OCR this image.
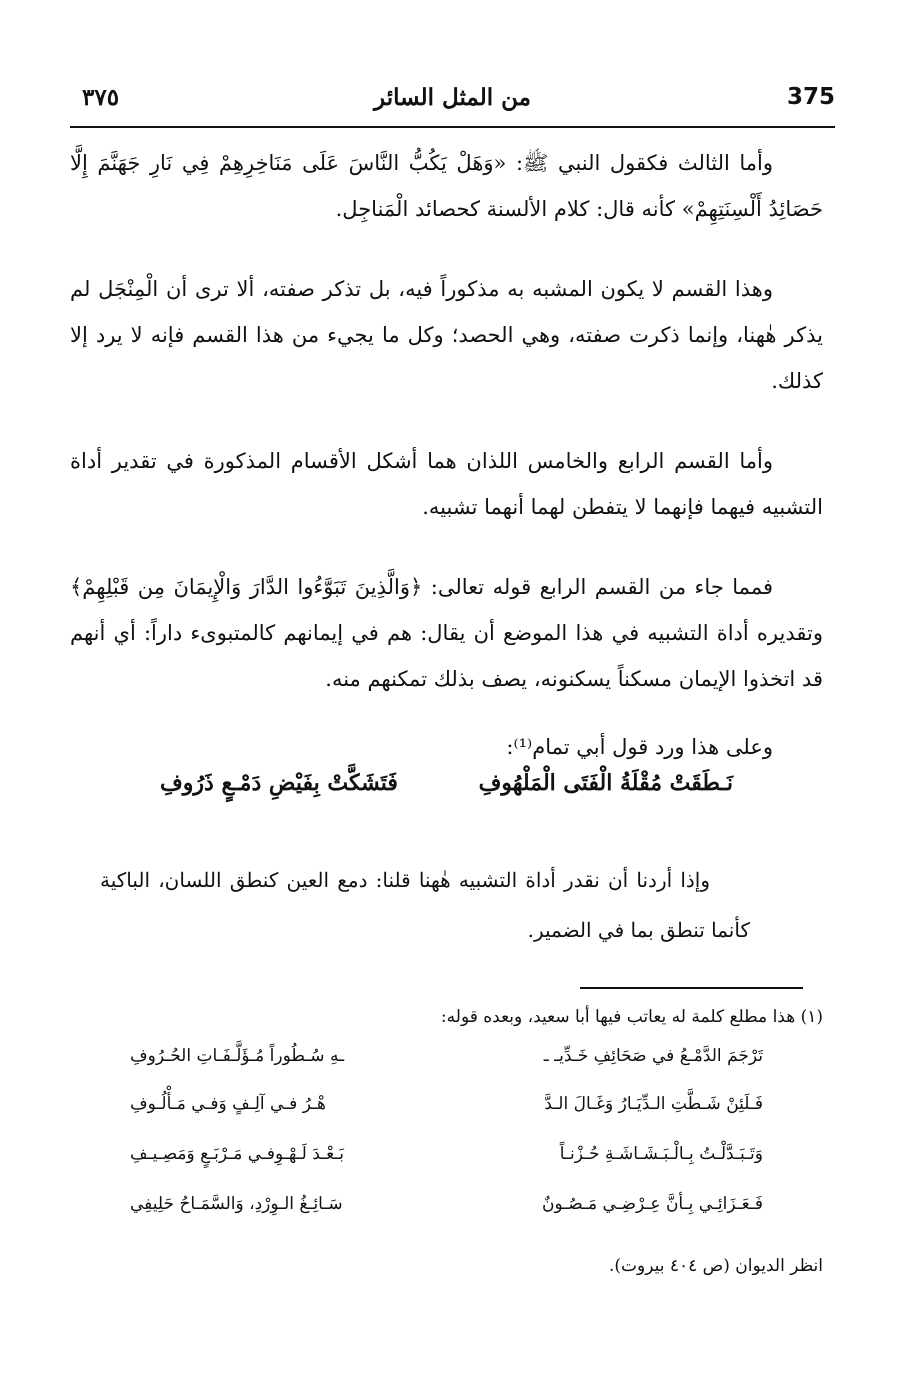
375
من المثل السائر
٣٧٥

وأما الثالث فكقول النبي ﷺ: «وَهَلْ يَكُبُّ النَّاسَ عَلَى مَنَاخِرِهِمْ فِي نَارِ جَهَنَّمَ إِلَّا حَصَائِدُ أَلْسِنَتِهِمْ» كأنه قال: كلام الألسنة كحصائد الْمَناجِل.

وهذا القسم لا يكون المشبه به مذكوراً فيه، بل تذكر صفته، ألا ترى أن الْمِنْجَل لم يذكر هٰهنا، وإنما ذكرت صفته، وهي الحصد؛ وكل ما يجيء من هذا القسم فإنه لا يرد إلا كذلك.

وأما القسم الرابع والخامس اللذان هما أشكل الأقسام المذكورة في تقدير أداة التشبيه فيهما فإنهما لا يتفطن لهما أنهما تشبيه.

فمما جاء من القسم الرابع قوله تعالى: ﴿وَالَّذِينَ تَبَوَّءُوا الدَّارَ وَالْإِيمَانَ مِن قَبْلِهِمْ﴾ وتقديره أداة التشبيه في هذا الموضع أن يقال: هم في إيمانهم كالمتبوىء داراً: أي أنهم قد اتخذوا الإيمان مسكناً يسكنونه، يصف بذلك تمكنهم منه.

وعلى هذا ورد قول أبي تمام⁽¹⁾:

نَـطَقَتْ مُقْلَةُ الْفَتَى الْمَلْهُوفِ
فَتَشَكَّتْ بِفَيْضِ دَمْـعٍ ذَرُوفِ

وإذا أردنا أن نقدر أداة التشبيه هٰهنا قلنا: دمع العين كنطق اللسان، الباكية كأنما تنطق بما في الضمير.

(١) هذا مطلع كلمة له يعاتب فيها أبا سعيد، وبعده قوله:

تَرْجَمَ الدَّمْـعُ في صَحَائِفِ خَـدِّيـ ـ
ـهِ سُـطُوراً مُـؤَلَّـفَـاتِ الحُـرُوفِ
فَـلَئِنْ شَـطَّتِ الـدِّيَـارُ وَغَـالَ الـدَّ
هْـرُ فـي آلِـفٍ وَفـي مَـأْلُـوفِ
وَتَـبَـدَّلْـتُ بِـالْـبَـشَـاشَـةِ حُـزْنـاً
بَـعْـدَ لَـهْـوِفـي مَـرْبَـعٍ وَمَصِـيـفِ
فَـعَـزَائِـي بِـأنَّ عِـرْضِـي مَـصُـونٌ
سَـائِـغُ الـوِرْدِ، وَالسَّمَـاحُ حَلِيفِي
انظر الديوان (ص ٤٠٤ بيروت).
